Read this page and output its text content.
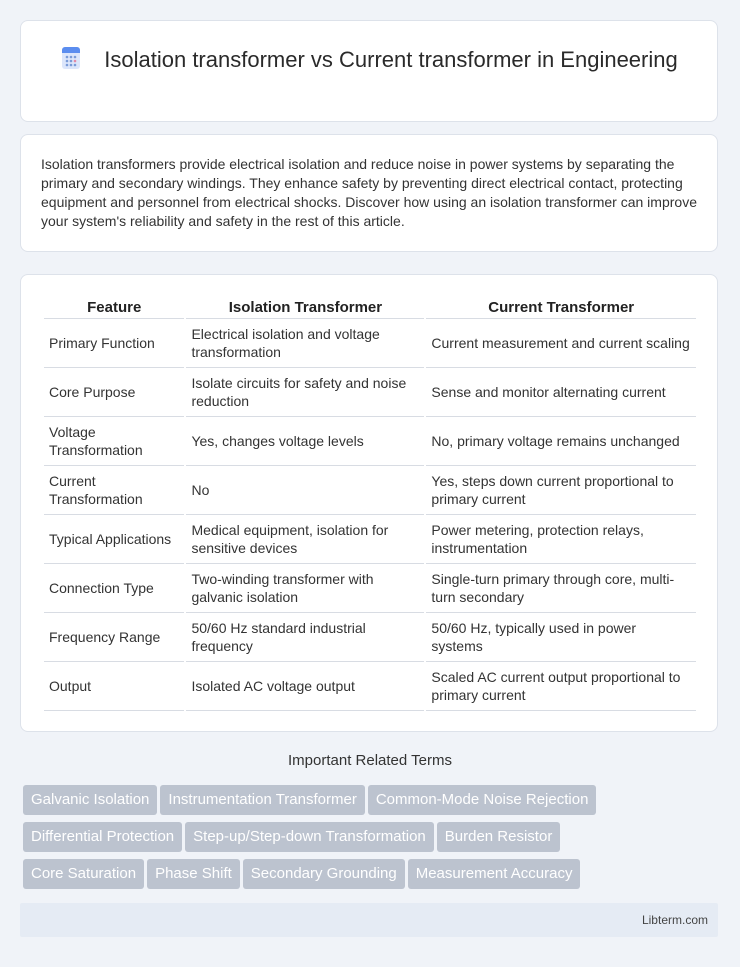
Isolation transformer vs Current transformer in Engineering
Isolation transformers provide electrical isolation and reduce noise in power systems by separating the primary and secondary windings. They enhance safety by preventing direct electrical contact, protecting equipment and personnel from electrical shocks. Discover how using an isolation transformer can improve your system's reliability and safety in the rest of this article.
Feature	Isolation Transformer	Current Transformer
Primary Function	Electrical isolation and voltage transformation	Current measurement and current scaling
Core Purpose	Isolate circuits for safety and noise reduction	Sense and monitor alternating current
Voltage Transformation	Yes, changes voltage levels	No, primary voltage remains unchanged
Current Transformation	No	Yes, steps down current proportional to primary current
Typical Applications	Medical equipment, isolation for sensitive devices	Power metering, protection relays, instrumentation
Connection Type	Two-winding transformer with galvanic isolation	Single-turn primary through core, multi-turn secondary
Frequency Range	50/60 Hz standard industrial frequency	50/60 Hz, typically used in power systems
Output	Isolated AC voltage output	Scaled AC current output proportional to primary current
Important Related Terms
Galvanic Isolation Instrumentation Transformer Common-Mode Noise Rejection
Differential Protection Step-up/Step-down Transformation Burden Resistor
Core Saturation Phase Shift Secondary Grounding Measurement Accuracy
Libterm.com
